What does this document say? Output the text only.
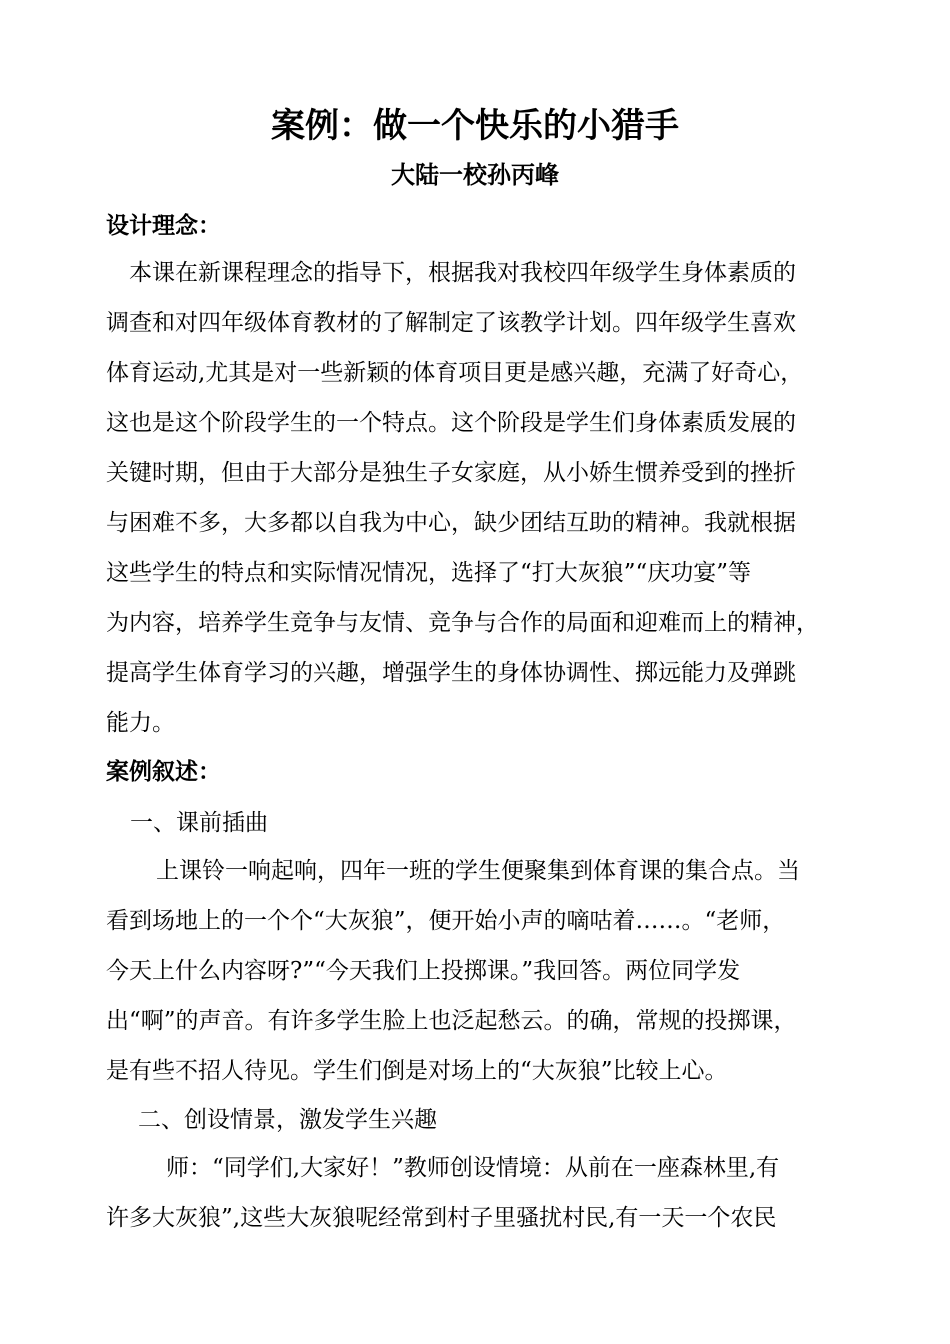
案例：做一个快乐的小猎手
大陆一校孙丙峰
设计理念：
本课在新课程理念的指导下，根据我对我校四年级学生身体素质的
调查和对四年级体育教材的了解制定了该教学计划。四年级学生喜欢
体育运动,尤其是对一些新颖的体育项目更是感兴趣，充满了好奇心，
这也是这个阶段学生的一个特点。这个阶段是学生们身体素质发展的
关键时期，但由于大部分是独生子女家庭，从小娇生惯养受到的挫折
与困难不多，大多都以自我为中心，缺少团结互助的精神。我就根据
这些学生的特点和实际情况情况，选择了“打大灰狼”“庆功宴”等
为内容，培养学生竞争与友情、竞争与合作的局面和迎难而上的精神，
提高学生体育学习的兴趣，增强学生的身体协调性、掷远能力及弹跳
能力。
案例叙述：
一、课前插曲
上课铃一响起响，四年一班的学生便聚集到体育课的集合点。当
看到场地上的一个个“大灰狼”，便开始小声的嘀咕着……。“老师，
今天上什么内容呀?”“今天我们上投掷课。”我回答。两位同学发
出“啊”的声音。有许多学生脸上也泛起愁云。的确，常规的投掷课，
是有些不招人待见。学生们倒是对场上的“大灰狼”比较上心。
二、创设情景，激发学生兴趣
师：“同学们,大家好！”教师创设情境：从前在一座森林里,有
许多大灰狼”,这些大灰狼呢经常到村子里骚扰村民,有一天一个农民
